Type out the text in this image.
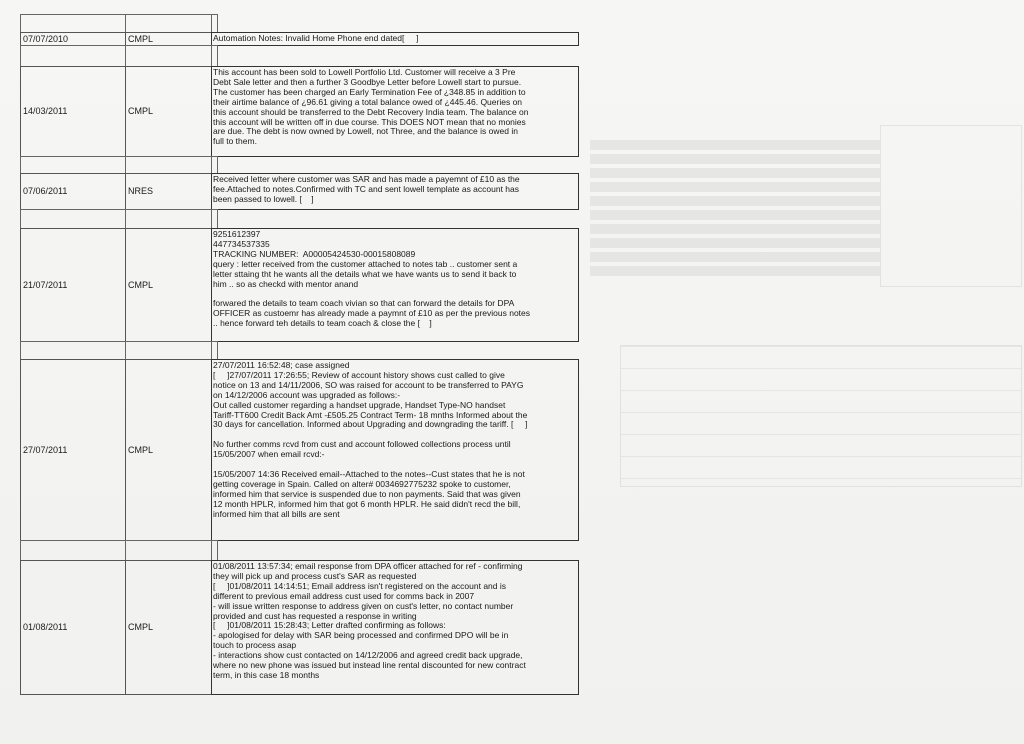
07/07/2010	CMPL	Automation Notes: Invalid Home Phone end dated[     ]
14/03/2011	CMPL
This account has been sold to Lowell Portfolio Ltd. Customer will receive a 3 Pre
Debt Sale letter and then a further 3 Goodbye Letter before Lowell start to pursue.
The customer has been charged an Early Termination Fee of ¿348.85 in addition to
their airtime balance of ¿96.61 giving a total balance owed of ¿445.46. Queries on
this account should be transferred to the Debt Recovery India team. The balance on
this account will be written off in due course. This DOES NOT mean that no monies
are due. The debt is now owned by Lowell, not Three, and the balance is owed in
full to them.
07/06/2011	NRES
Received letter where customer was SAR and has made a payemnt of £10 as the
fee.Attached to notes.Confirmed with TC and sent lowell template as account has
been passed to lowell. [    ]
21/07/2011	CMPL
9251612397
447734537335
TRACKING NUMBER:  A00005424530-00015808089
query : letter received from the customer attached to notes tab .. customer sent a
letter sttaing tht he wants all the details what we have wants us to send it back to
him .. so as checkd with mentor anand
forwared the details to team coach vivian so that can forward the details for DPA
OFFICER as custoemr has already made a paymnt of £10 as per the previous notes
.. hence forward teh details to team coach & close the [    ]
27/07/2011	CMPL
27/07/2011 16:52:48; case assigned
[     ]27/07/2011 17:26:55; Review of account history shows cust called to give
notice on 13 and 14/11/2006, SO was raised for account to be transferred to PAYG
on 14/12/2006 account was upgraded as follows:-
Out called customer regarding a handset upgrade, Handset Type-NO handset
Tariff-TT600 Credit Back Amt -£505.25 Contract Term- 18 mnths Informed about the
30 days for cancellation. Informed about Upgrading and downgrading the tariff. [     ]
No further comms rcvd from cust and account followed collections process until
15/05/2007 when email rcvd:-
15/05/2007 14:36 Received email--Attached to the notes--Cust states that he is not
getting coverage in Spain. Called on alter# 0034692775232 spoke to customer,
informed him that service is suspended due to non payments. Said that was given
12 month HPLR, informed him that got 6 month HPLR. He said didn't recd the bill,
informed him that all bills are sent
01/08/2011	CMPL
01/08/2011 13:57:34; email response from DPA officer attached for ref - confirming
they will pick up and process cust's SAR as requested
[     ]01/08/2011 14:14:51; Email address isn't registered on the account and is
different to previous email address cust used for comms back in 2007
- will issue written response to address given on cust's letter, no contact number
provided and cust has requested a response in writing
[     ]01/08/2011 15:28:43; Letter drafted confirming as follows:
- apologised for delay with SAR being processed and confirmed DPO will be in
touch to process asap
- interactions show cust contacted on 14/12/2006 and agreed credit back upgrade,
where no new phone was issued but instead line rental discounted for new contract
term, in this case 18 months
